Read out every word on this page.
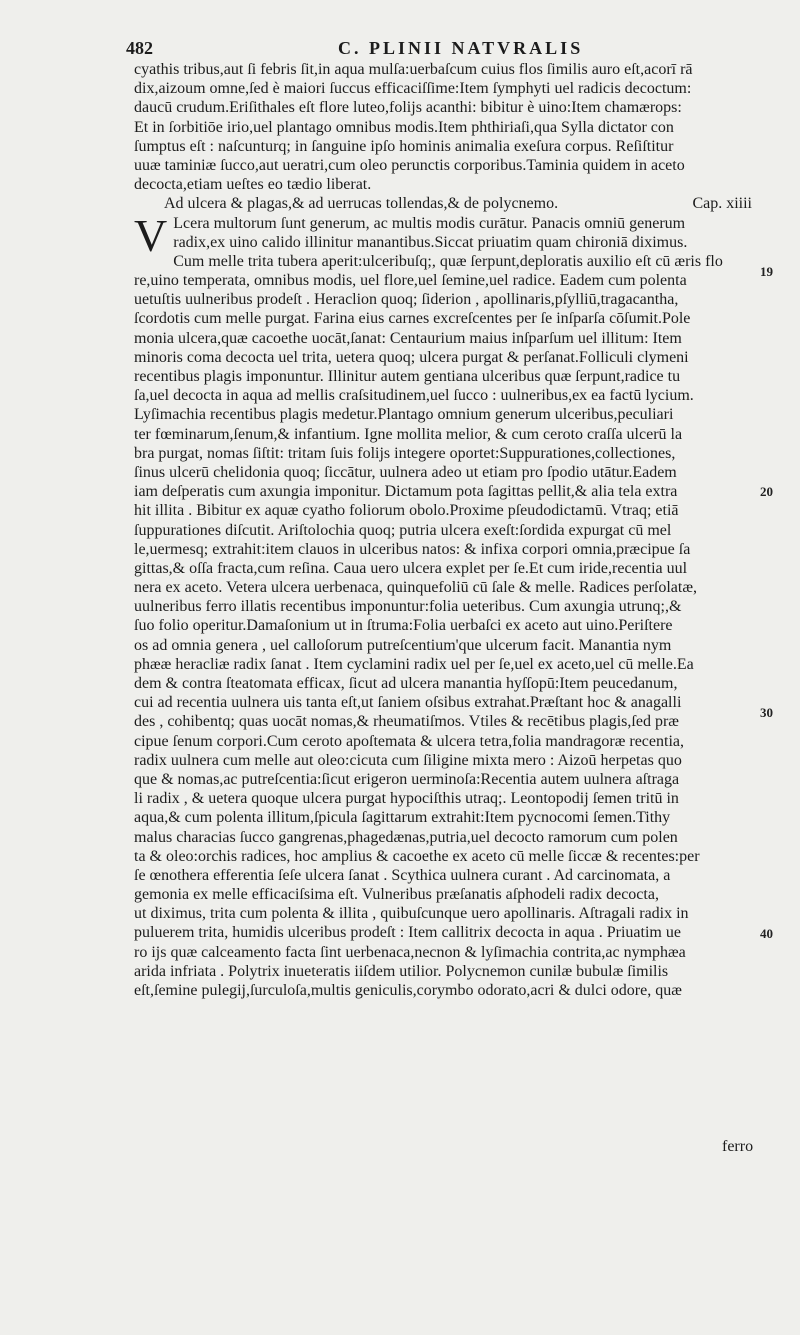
482	C. PLINII NATVRALIS
cyathis tribus,aut ſi febris ſit,in aqua mulſa:uerbaſcum cuius flos ſimilis auro eſt,acorī rā
dix,aizoum omne,ſed è maiori ſuccus efficaciſſime:Item ſymphyti uel radicis decoctum:
daucū crudum.Eriſithales eſt flore luteo,folijs acanthi: bibitur è uino:Item chamærops:
Et in ſorbitiōe irio,uel plantago omnibus modis.Item phthiriaſi,qua Sylla dictator con
ſumptus eſt : naſcunturq; in ſanguine ipſo hominis animalia exeſura corpus. Reſiſtitur
uuæ taminiæ ſucco,aut ueratri,cum oleo perunctis corporibus.Taminia quidem in aceto
decocta,etiam ueſtes eo tædio liberat.
Ad ulcera & plagas,& ad uerrucas tollendas,& de polycnemo.	Cap. xiiii
V Lcera multorum ſunt generum, ac multis modis curātur. Panacis omniū generum
radix,ex uino calido illinitur manantibus.Siccat priuatim quam chironiā diximus.
Cum melle trita tubera aperit:ulceribuſq;, quæ ſerpunt,deploratis auxilio eſt cū æris flo
re,uino temperata, omnibus modis, uel flore,uel ſemine,uel radice. Eadem cum polenta
uetuſtis uulneribus prodeſt . Heraclion quoq; ſiderion , apollinaris,pſylliū,tragacantha,
ſcordotis cum melle purgat. Farina eius carnes excreſcentes per ſe inſparſa cōſumit.Pole
monia ulcera,quæ cacoethe uocāt,ſanat: Centaurium maius inſparſum uel illitum: Item
minoris coma decocta uel trita, uetera quoq; ulcera purgat & perſanat.Folliculi clymeni
recentibus plagis imponuntur. Illinitur autem gentiana ulceribus quæ ſerpunt,radice tu
ſa,uel decocta in aqua ad mellis craſsitudinem,uel ſucco : uulneribus,ex ea factū lycium.
Lyſimachia recentibus plagis medetur.Plantago omnium generum ulceribus,peculiari
ter fœminarum,ſenum,& infantium. Igne mollita melior, & cum ceroto craſſa ulcerū la
bra purgat, nomas ſiſtit: tritam ſuis folijs integere oportet:Suppurationes,collectiones,
ſinus ulcerū chelidonia quoq; ſiccātur, uulnera adeo ut etiam pro ſpodio utātur.Eadem
iam deſperatis cum axungia imponitur. Dictamum pota ſagittas pellit,& alia tela extra
hit illita . Bibitur ex aquæ cyatho foliorum obolo.Proxime pſeudodictamū. Vtraq; etiā
ſuppurationes diſcutit. Ariſtolochia quoq; putria ulcera exeſt:ſordida expurgat cū mel
le,uermesq; extrahit:item clauos in ulceribus natos: & infixa corpori omnia,præcipue ſa
gittas,& oſſa fracta,cum reſina. Caua uero ulcera explet per ſe.Et cum iride,recentia uul
nera ex aceto. Vetera ulcera uerbenaca, quinquefoliū cū ſale & melle. Radices perſolatæ,
uulneribus ferro illatis recentibus imponuntur:folia ueteribus. Cum axungia utrunq;,&
ſuo folio operitur.Damaſonium ut in ſtruma:Folia uerbaſci ex aceto aut uino.Periſtere
os ad omnia genera , uel calloſorum putreſcentium'que ulcerum facit. Manantia nym
phææ heracliæ radix ſanat . Item cyclamini radix uel per ſe,uel ex aceto,uel cū melle.Ea
dem & contra ſteatomata efficax, ſicut ad ulcera manantia hyſſopū:Item peucedanum,
cui ad recentia uulnera uis tanta eſt,ut ſaniem oſsibus extrahat.Præſtant hoc & anagalli
des , cohibentq; quas uocāt nomas,& rheumatiſmos. Vtiles & recētibus plagis,ſed præ
cipue ſenum corpori.Cum ceroto apoſtemata & ulcera tetra,folia mandragoræ recentia,
radix uulnera cum melle aut oleo:cicuta cum ſiligine mixta mero : Aizoū herpetas quo
que & nomas,ac putreſcentia:ſicut erigeron uerminoſa:Recentia autem uulnera aſtraga
li radix , & uetera quoque ulcera purgat hypociſthis utraq;. Leontopodij ſemen tritū in
aqua,& cum polenta illitum,ſpicula ſagittarum extrahit:Item pycnocomi ſemen.Tithy
malus characias ſucco gangrenas,phagedænas,putria,uel decocto ramorum cum polen
ta & oleo:orchis radices, hoc amplius & cacoethe ex aceto cū melle ſiccæ & recentes:per
ſe œnothera efferentia ſeſe ulcera ſanat . Scythica uulnera curant . Ad carcinomata, a
gemonia ex melle efficaciſsima eſt. Vulneribus præſanatis aſphodeli radix decocta,
ut diximus, trita cum polenta & illita , quibuſcunque uero apollinaris. Aſtragali radix in
puluerem trita, humidis ulceribus prodeſt : Item callitrix decocta in aqua . Priuatim ue
ro ijs quæ calceamento facta ſint uerbenaca,necnon & lyſimachia contrita,ac nymphæa
arida infriata . Polytrix inueteratis iiſdem utilior. Polycnemon cunilæ bubulæ ſimilis
eſt,ſemine pulegij,ſurculoſa,multis geniculis,corymbo odorato,acri & dulci odore, quæ
19
20
30
40
ferro
